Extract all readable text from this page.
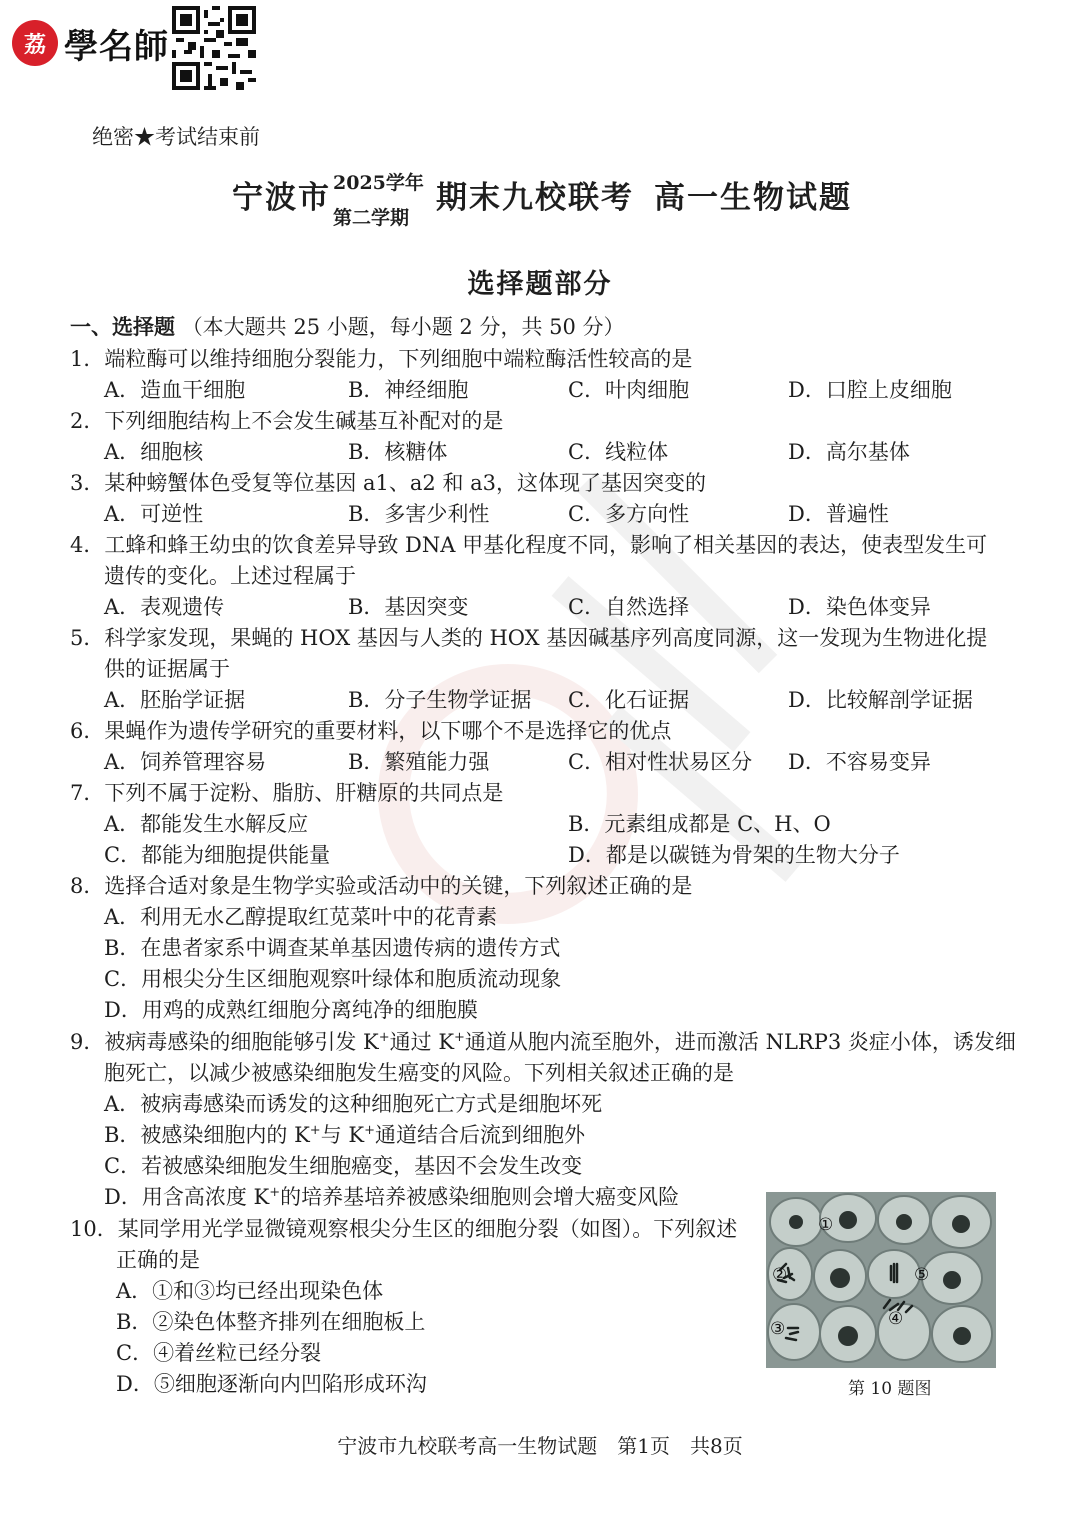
荔 學名師
绝密★考试结束前
宁波市 2025学年
第二学期
期末九校联考 高一生物试题
选择题部分
一、选择题 （本大题共 25 小题，每小题 2 分，共 50 分）
1．端粒酶可以维持细胞分裂能力，下列细胞中端粒酶活性较高的是
A．造血干细胞	B．神经细胞	C．叶肉细胞	D．口腔上皮细胞
2．下列细胞结构上不会发生碱基互补配对的是
A．细胞核	B．核糖体	C．线粒体	D．高尔基体
3．某种螃蟹体色受复等位基因 a1、a2 和 a3，这体现了基因突变的
A．可逆性	B．多害少利性	C．多方向性	D．普遍性
4．工蜂和蜂王幼虫的饮食差异导致 DNA 甲基化程度不同，影响了相关基因的表达，使表型发生可
遗传的变化。上述过程属于
A．表观遗传	B．基因突变	C．自然选择	D．染色体变异
5．科学家发现，果蝇的 HOX 基因与人类的 HOX 基因碱基序列高度同源，这一发现为生物进化提
供的证据属于
A．胚胎学证据	B．分子生物学证据 C．化石证据	D．比较解剖学证据
6．果蝇作为遗传学研究的重要材料，以下哪个不是选择它的优点
A．饲养管理容易	B．繁殖能力强	C．相对性状易区分 D．不容易变异
7．下列不属于淀粉、脂肪、肝糖原的共同点是
A．都能发生水解反应	B．元素组成都是 C、H、O
C．都能为细胞提供能量	D．都是以碳链为骨架的生物大分子
8．选择合适对象是生物学实验或活动中的关键，下列叙述正确的是
A．利用无水乙醇提取红苋菜叶中的花青素
B．在患者家系中调查某单基因遗传病的遗传方式
C．用根尖分生区细胞观察叶绿体和胞质流动现象
D．用鸡的成熟红细胞分离纯净的细胞膜
9．被病毒感染的细胞能够引发 K+通过 K+通道从胞内流至胞外，进而激活 NLRP3 炎症小体，诱发细
胞死亡，以减少被感染细胞发生癌变的风险。下列相关叙述正确的是
A．被病毒感染而诱发的这种细胞死亡方式是细胞坏死
B．被感染细胞内的 K+与 K+通道结合后流到细胞外
C．若被感染细胞发生细胞癌变，基因不会发生改变
D．用含高浓度 K+的培养基培养被感染细胞则会增大癌变风险
10．某同学用光学显微镜观察根尖分生区的细胞分裂（如图）。下列叙述
正确的是
A．①和③均已经出现染色体
B．②染色体整齐排列在细胞板上
C．④着丝粒已经分裂
D．⑤细胞逐渐向内凹陷形成环沟
①
②
③	④
⑤
第 10 题图
宁波市九校联考高一生物试题　第1页　共8页
